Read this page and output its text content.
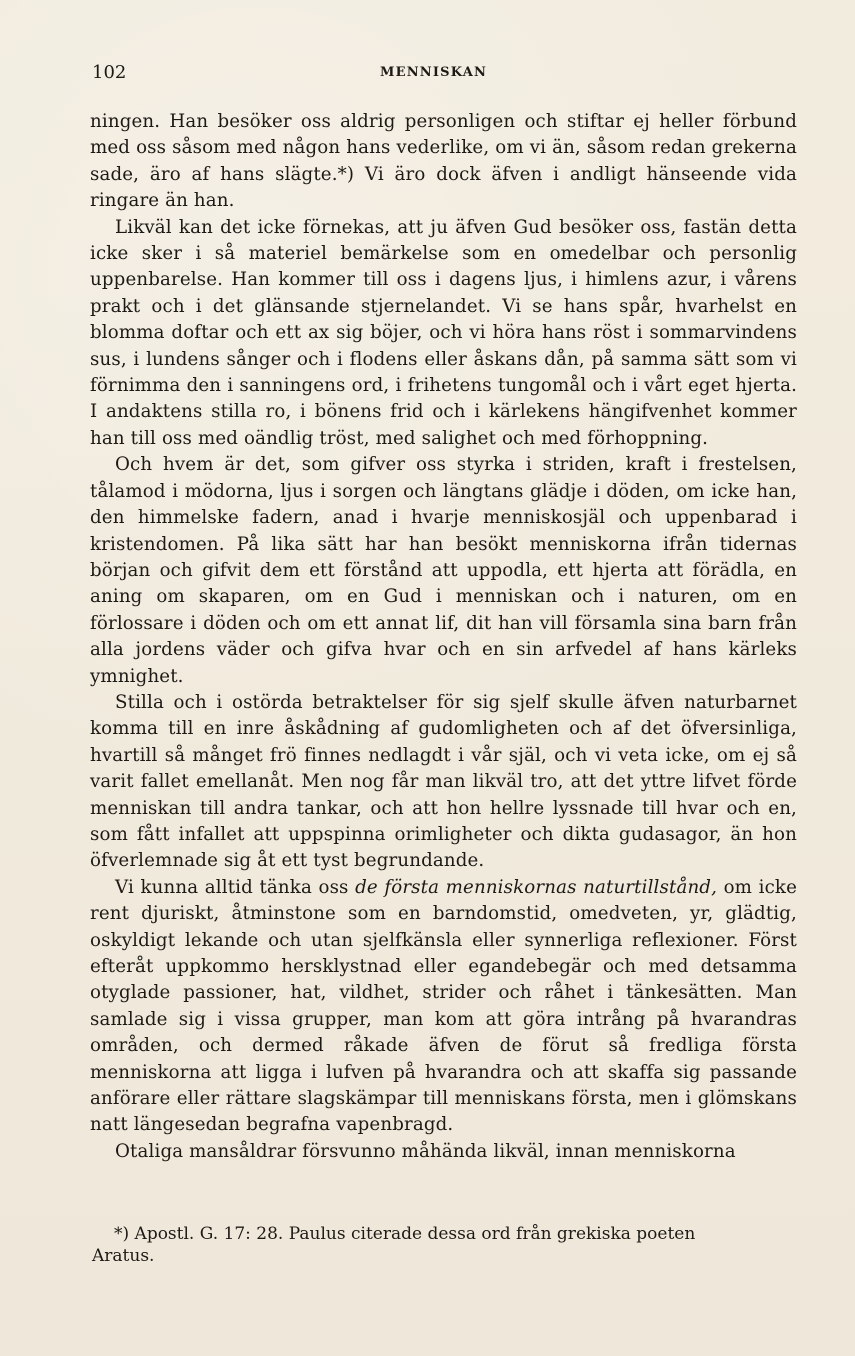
102	MENNISKAN

ningen. Han besöker oss aldrig personligen och stiftar ej heller förbund med oss såsom med någon hans vederlike, om vi än, såsom redan grekerna sade, äro af hans slägte.*) Vi äro dock äfven i andligt hänseende vida ringare än han.

Likväl kan det icke förnekas, att ju äfven Gud besöker oss, fastän detta icke sker i så materiel bemärkelse som en omedelbar och personlig uppenbarelse. Han kommer till oss i dagens ljus, i himlens azur, i vårens prakt och i det glänsande stjernelandet. Vi se hans spår, hvarhelst en blomma doftar och ett ax sig böjer, och vi höra hans röst i sommarvindens sus, i lundens sånger och i flodens eller åskans dån, på samma sätt som vi förnimma den i sanningens ord, i frihetens tungomål och i vårt eget hjerta. I andaktens stilla ro, i bönens frid och i kärlekens hängifvenhet kommer han till oss med oändlig tröst, med salighet och med förhoppning.

Och hvem är det, som gifver oss styrka i striden, kraft i frestelsen, tålamod i mödorna, ljus i sorgen och längtans glädje i döden, om icke han, den himmelske fadern, anad i hvarje menniskosjäl och uppenbarad i kristendomen. På lika sätt har han besökt menniskorna ifrån tidernas början och gifvit dem ett förstånd att uppodla, ett hjerta att förädla, en aning om skaparen, om en Gud i menniskan och i naturen, om en förlossare i döden och om ett annat lif, dit han vill församla sina barn från alla jordens väder och gifva hvar och en sin arfvedel af hans kärleks ymnighet.

Stilla och i ostörda betraktelser för sig sjelf skulle äfven naturbarnet komma till en inre åskådning af gudomligheten och af det öfversinliga, hvartill så månget frö finnes nedlagdt i vår själ, och vi veta icke, om ej så varit fallet emellanåt. Men nog får man likväl tro, att det yttre lifvet förde menniskan till andra tankar, och att hon hellre lyssnade till hvar och en, som fått infallet att uppspinna orimligheter och dikta gudasagor, än hon öfverlemnade sig åt ett tyst begrundande.

Vi kunna alltid tänka oss de första menniskornas naturtillstånd, om icke rent djuriskt, åtminstone som en barndomstid, omedveten, yr, glädtig, oskyldigt lekande och utan sjelfkänsla eller synnerliga reflexioner. Först efteråt uppkommo hersklystnad eller egandebegär och med detsamma otyglade passioner, hat, vildhet, strider och råhet i tänkesätten. Man samlade sig i vissa grupper, man kom att göra intrång på hvarandras områden, och dermed råkade äfven de förut så fredliga första menniskorna att ligga i lufven på hvarandra och att skaffa sig passande anförare eller rättare slagskämpar till menniskans första, men i glömskans natt längesedan begrafna vapenbragd.

Otaliga mansåldrar försvunno måhända likväl, innan menniskorna

*) Apostl. G. 17: 28. Paulus citerade dessa ord från grekiska poeten
Aratus.
